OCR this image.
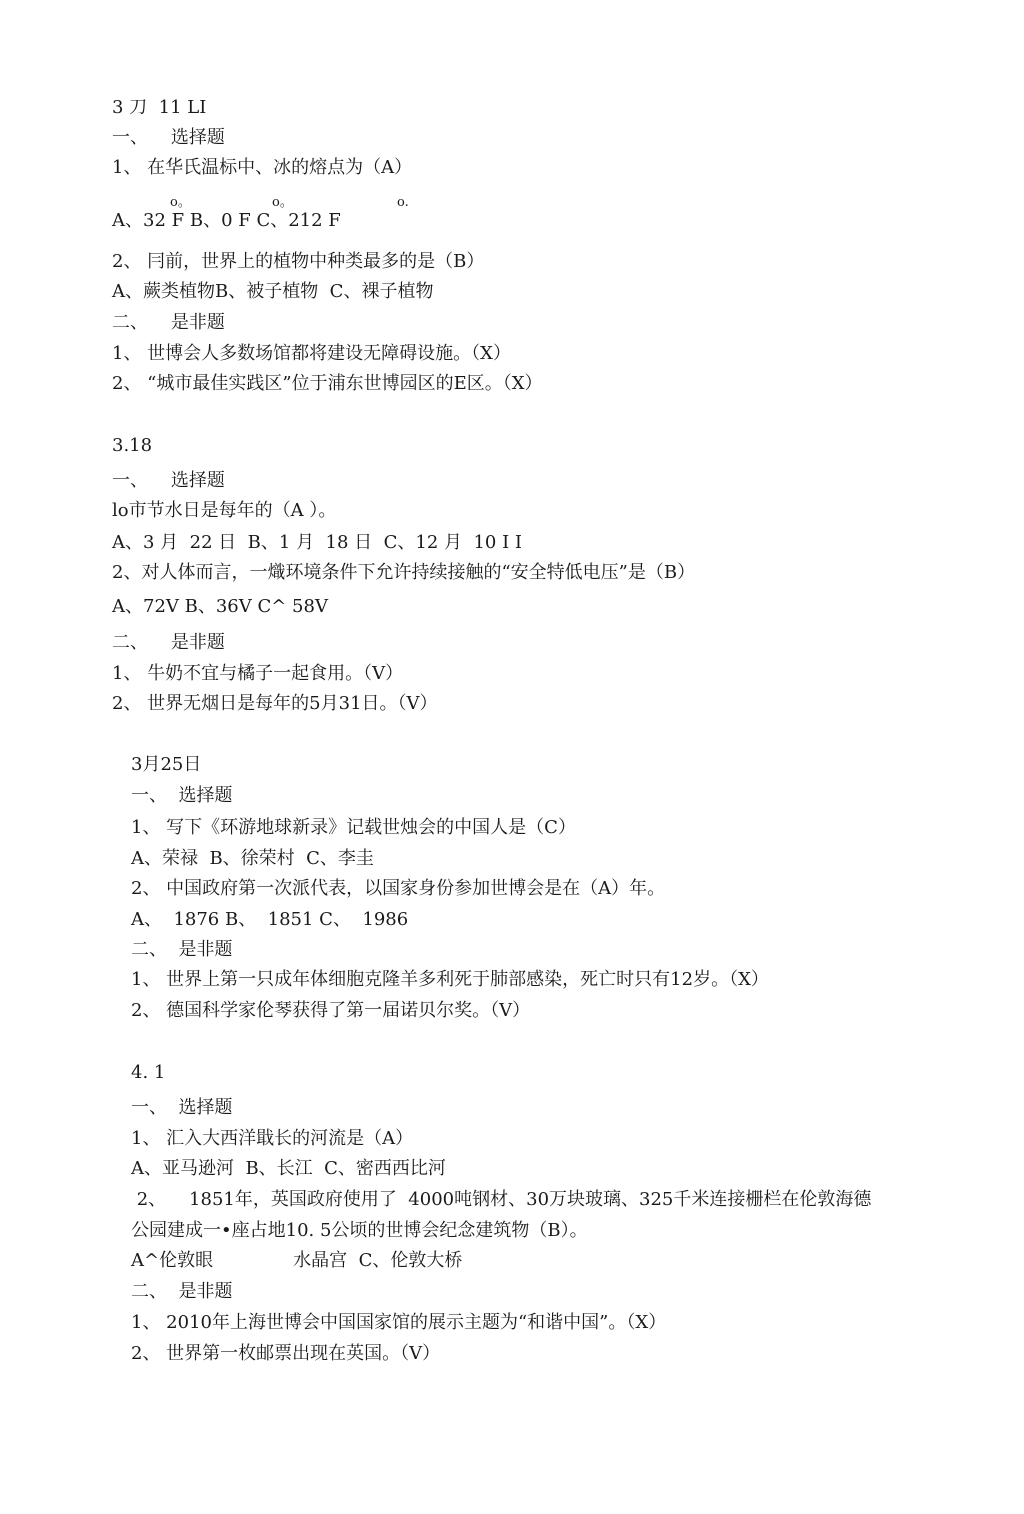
3 刀  11 LI
一、    选择题
1、 在华氏温标中、冰的熔点为（A）
o。	o。	o.
A、32 F B、0 F C、212 F
2、 冃前，世界上的植物中种类最多的是（B）
A、蕨类植物B、被子植物  C、裸子植物
二、    是非题
1、 世博会人多数场馆都将建设无障碍设施。（X）
2、 “城市最佳实践区”位于浦东世博园区的E区。（X）
3.18
一、    选择题
lo市节水日是每年的（A ）。
A、3 月  22 日  B、1 月  18 日  C、12 月  10 I I
2、对人体而言，一熾环境条件下允许持续接触的“安全特低电压”是（B）
A、72V B、36V C^ 58V
二、    是非题
1、 牛奶不宜与橘子一起食用。（V）
2、 世界无烟日是每年的5月31日。（V）
3月25日
一、  选择题
1、 写下《环游地球新录》记载世烛会的中国人是（C）
A、荣禄  B、徐荣村  C、李圭
2、 中国政府第一次派代表，以国家身份参加世博会是在（A）年。
A、  1876 B、  1851 C、  1986
二、  是非题
1、 世界上第一只成年体细胞克隆羊多利死于肺部感染，死亡时只有12岁。（X）
2、 德国科学家伦琴获得了第一届诺贝尔奖。（V）
4. 1
一、  选择题
1、 汇入大西洋戢长的河流是（A）
A、亚马逊河  B、长江  C、密西西比河
2、    1851年，英国政府使用了  4000吨钢材、30万块玻璃、325千米连接栅栏在伦敦海德
公园建成一•座占地10. 5公顷的世博会纪念建筑物（B）。
A^伦敦眼              水晶宫  C、伦敦大桥
二、  是非题
1、 2010年上海世博会中国国家馆的展示主题为“和谐中国”。（X）
2、 世界第一枚邮票出现在英国。（V）
